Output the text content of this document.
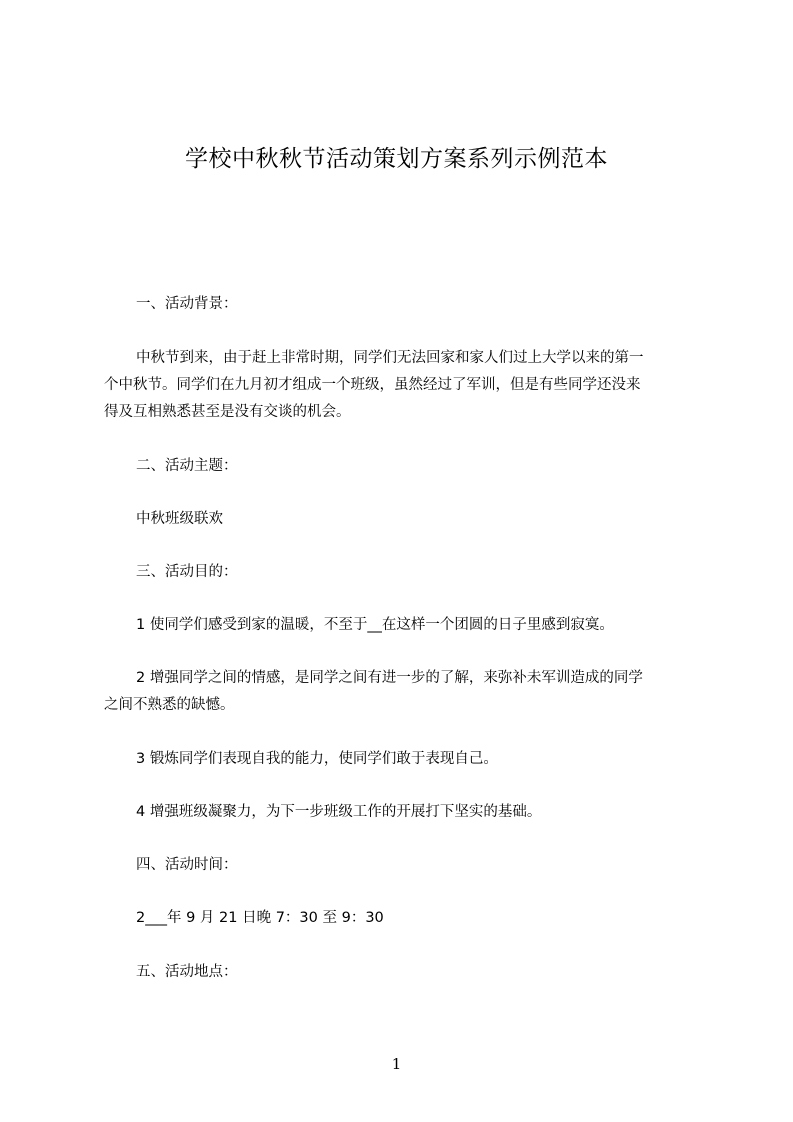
学校中秋秋节活动策划方案系列示例范本
一、活动背景：
中秋节到来，由于赶上非常时期，同学们无法回家和家人们过上大学以来的第一
个中秋节。同学们在九月初才组成一个班级，虽然经过了军训，但是有些同学还没来
得及互相熟悉甚至是没有交谈的机会。
二、活动主题：
中秋班级联欢
三、活动目的：
1 使同学们感受到家的温暖，不至于__在这样一个团圆的日子里感到寂寞。
2 增强同学之间的情感，是同学之间有进一步的了解，来弥补未军训造成的同学
之间不熟悉的缺憾。
3 锻炼同学们表现自我的能力，使同学们敢于表现自己。
4 增强班级凝聚力，为下一步班级工作的开展打下坚实的基础。
四、活动时间：
2___年 9 月 21 日晚 7：30 至 9：30
五、活动地点：
1
